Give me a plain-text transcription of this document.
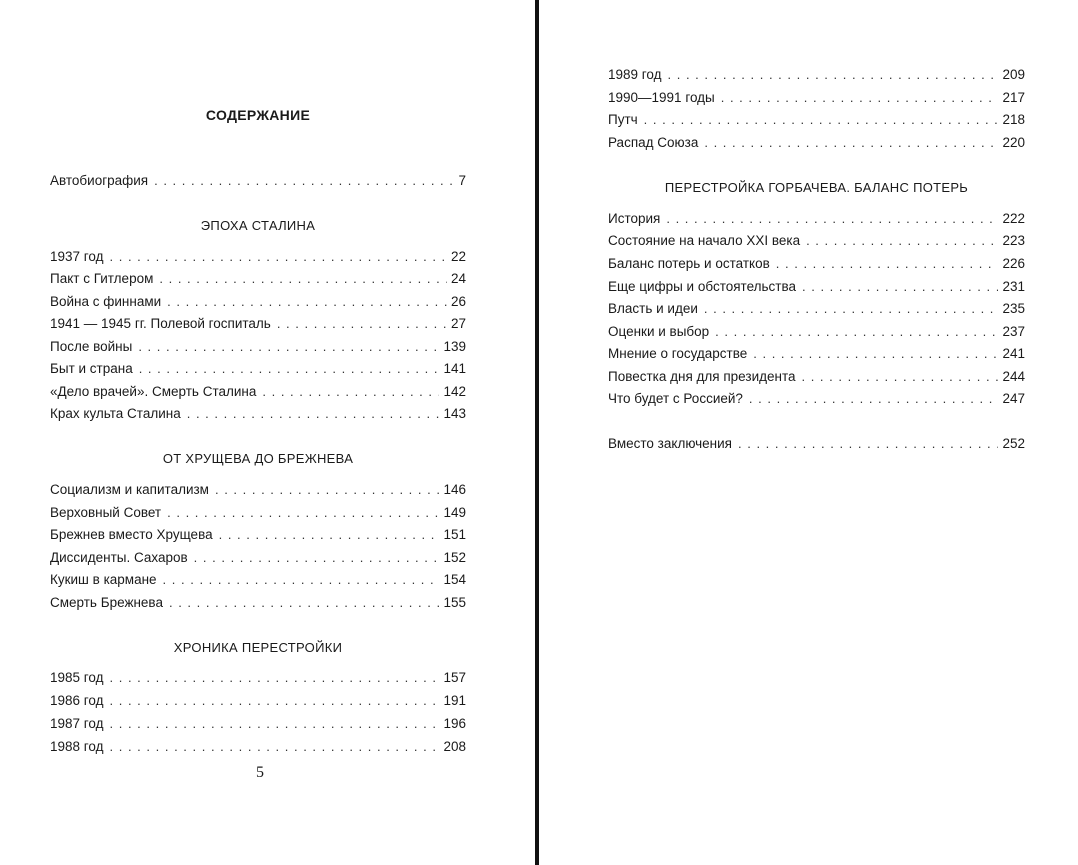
СОДЕРЖАНИЕ
Автобиография . . .	7
ЭПОХА СТАЛИНА
1937 год . . .	22
Пакт с Гитлером . . .	24
Война с финнами . . .	26
1941 — 1945 гг. Полевой госпиталь . . .	27
После войны . . .	139
Быт и страна . . .	141
«Дело врачей». Смерть Сталина . . .	142
Крах культа Сталина . . .	143
ОТ ХРУЩЕВА ДО БРЕЖНЕВА
Социализм и капитализм . . .	146
Верховный Совет . . .	149
Брежнев вместо Хрущева . . .	151
Диссиденты. Сахаров . . .	152
Кукиш в кармане . . .	154
Смерть Брежнева . . .	155
ХРОНИКА ПЕРЕСТРОЙКИ
1985 год . . .	157
1986 год . . .	191
1987 год . . .	196
1988 год . . .	208
5
1989 год . . .	209
1990—1991 годы . . .	217
Путч . . .	218
Распад Союза . . .	220
ПЕРЕСТРОЙКА ГОРБАЧЕВА. БАЛАНС ПОТЕРЬ
История . . .	222
Состояние на начало XXI века . . .	223
Баланс потерь и остатков . . .	226
Еще цифры и обстоятельства . . .	231
Власть и идеи . . .	235
Оценки и выбор . . .	237
Мнение о государстве . . .	241
Повестка дня для президента . . .	244
Что будет с Россией? . . .	247
Вместо заключения . . .	252
